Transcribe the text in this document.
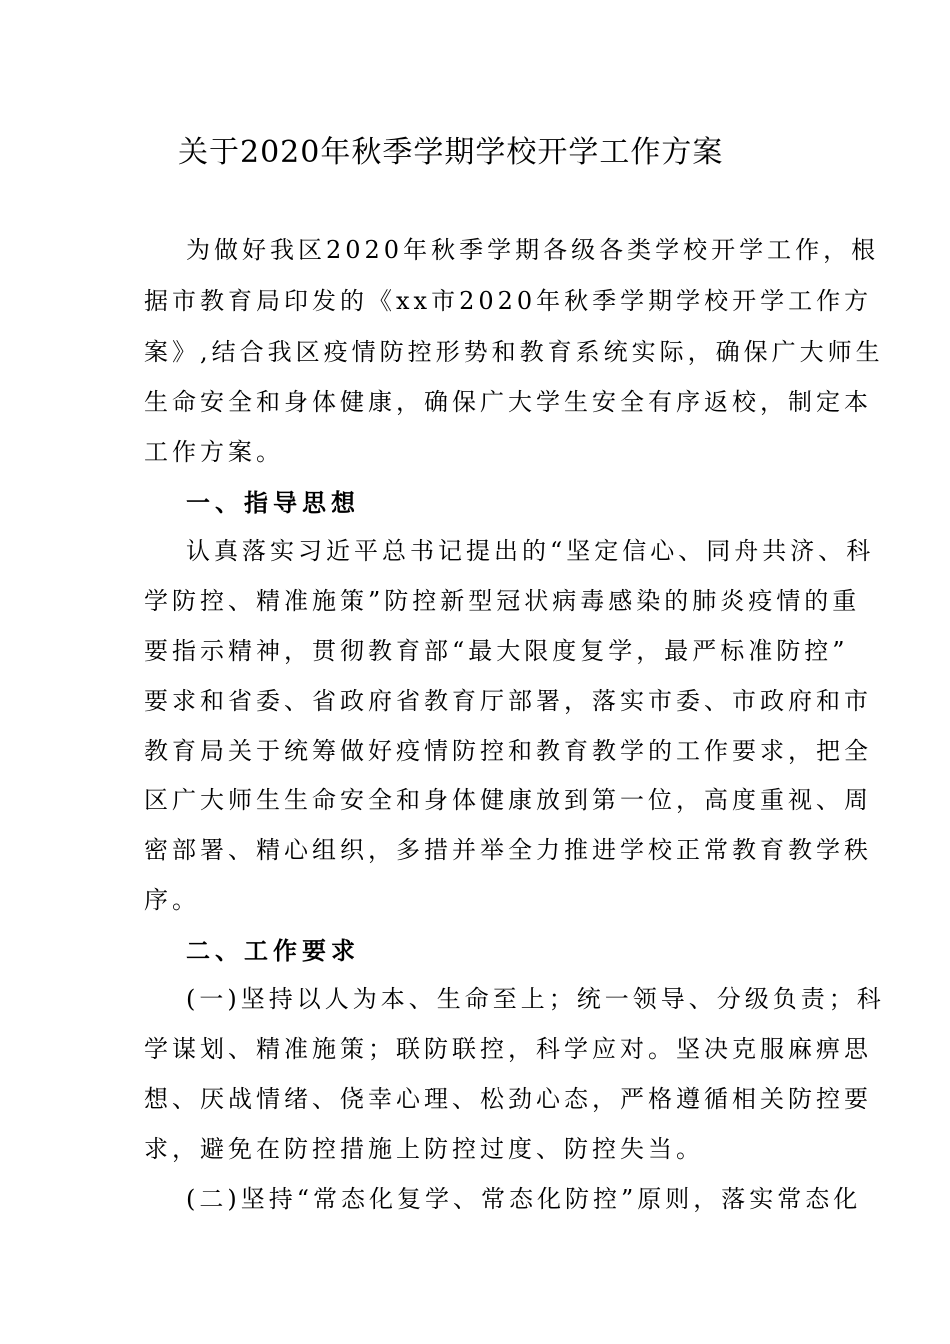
关于2020年秋季学期学校开学工作方案

为做好我区2020年秋季学期各级各类学校开学工作，根

据市教育局印发的《xx市2020年秋季学期学校开学工作方

案》,结合我区疫情防控形势和教育系统实际，确保广大师生

生命安全和身体健康，确保广大学生安全有序返校，制定本

工作方案。

一、指导思想

认真落实习近平总书记提出的“坚定信心、同舟共济、科

学防控、精准施策”防控新型冠状病毒感染的肺炎疫情的重

要指示精神，贯彻教育部“最大限度复学，最严标准防控”

要求和省委、省政府省教育厅部署，落实市委、市政府和市

教育局关于统筹做好疫情防控和教育教学的工作要求，把全

区广大师生生命安全和身体健康放到第一位，高度重视、周

密部署、精心组织，多措并举全力推进学校正常教育教学秩

序。

二、工作要求

(一)坚持以人为本、生命至上；统一领导、分级负责；科

学谋划、精准施策；联防联控，科学应对。坚决克服麻痹思

想、厌战情绪、侥幸心理、松劲心态，严格遵循相关防控要

求，避免在防控措施上防控过度、防控失当。

(二)坚持“常态化复学、常态化防控”原则，落实常态化
